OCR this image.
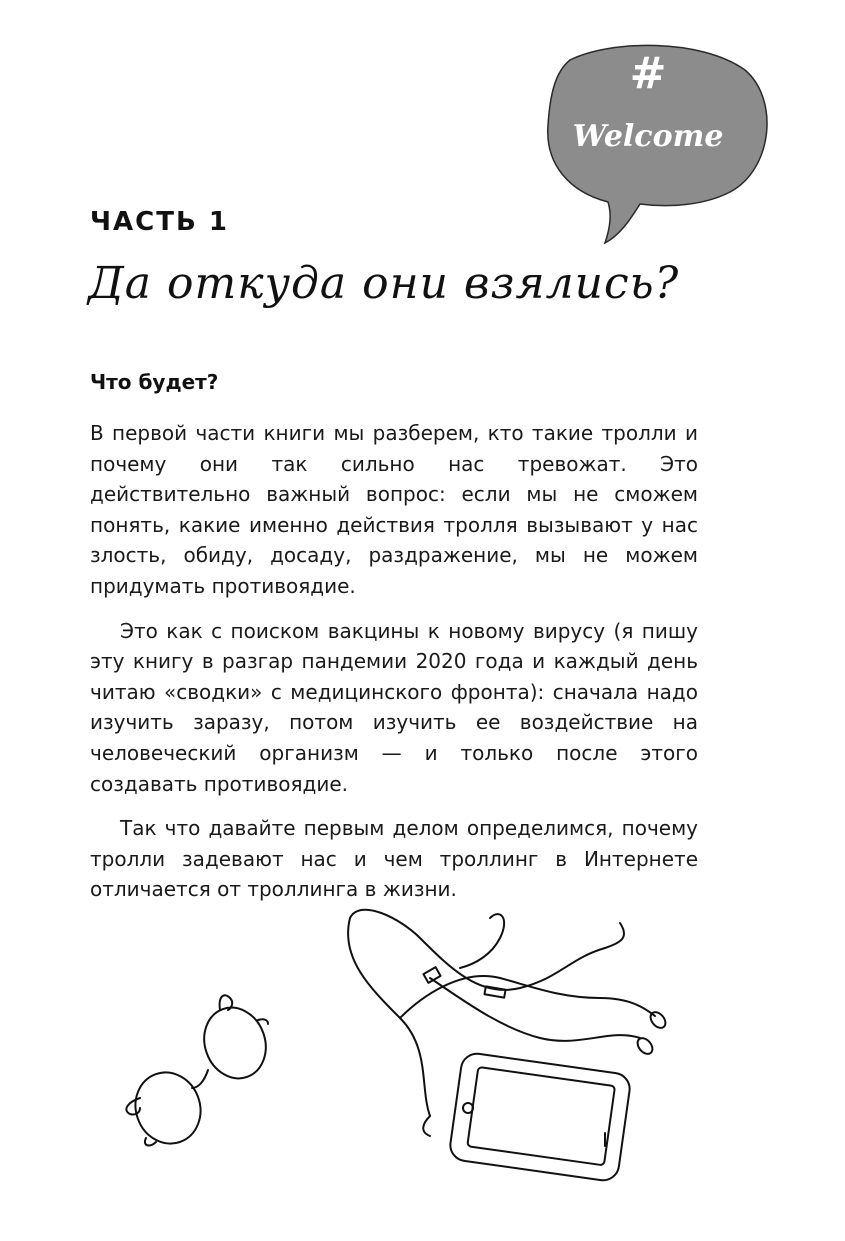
#
Welcome
ЧАСТЬ 1
Да откуда они взялись?
Что будет?

В первой части книги мы разберем, кто такие тролли и почему они так сильно нас тревожат. Это действительно важный вопрос: если мы не сможем понять, какие именно действия тролля вызывают у нас злость, обиду, досаду, раздражение, мы не можем придумать противоядие.

Это как с поиском вакцины к новому вирусу (я пишу эту книгу в разгар пандемии 2020 года и каждый день читаю «сводки» с медицинского фронта): сначала надо изучить заразу, потом изучить ее воздействие на человеческий организм — и только после этого создавать противоядие.

Так что давайте первым делом определимся, почему тролли задевают нас и чем троллинг в Интернете отличается от троллинга в жизни.
